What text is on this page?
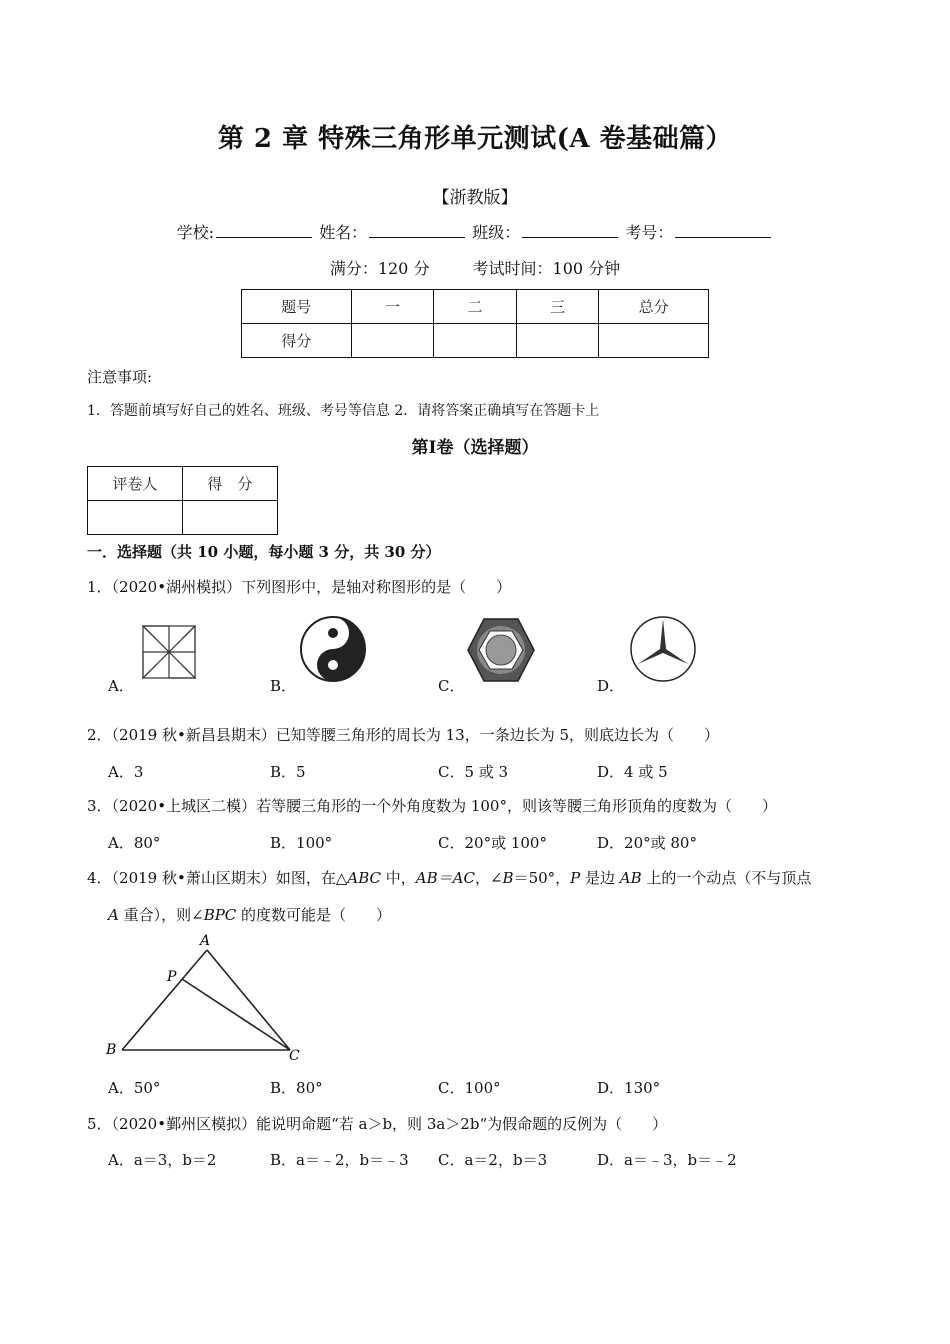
第 2 章 特殊三角形单元测试(A 卷基础篇）
【浙教版】
学校:	姓名：	班级：	考号：
满分：120 分	考试时间：100 分钟
题号	一	二	三	总分
得分				
注意事项:
1．答题前填写好自己的姓名、班级、考号等信息 2．请将答案正确填写在答题卡上
第Ⅰ卷（选择题）
评卷人	得　分

一．选择题（共 10 小题，每小题 3 分，共 30 分）
1．（2020•湖州模拟）下列图形中，是轴对称图形的是（　　）
A．	B．	C．	D．
2．（2019 秋•新昌县期末）已知等腰三角形的周长为 13，一条边长为 5，则底边长为（　　）
A．3	B．5	C．5 或 3	D．4 或 5
3．（2020•上城区二模）若等腰三角形的一个外角度数为 100°，则该等腰三角形顶角的度数为（　　）
A．80°	B．100°	C．20°或 100°	D．20°或 80°
4．（2019 秋•萧山区期末）如图，在△ABC 中，AB＝AC，∠B＝50°，P 是边 AB 上的一个动点（不与顶点
A 重合），则∠BPC 的度数可能是（　　）
A
P
B	C
A．50°	B．80°	C．100°	D．130°
5．（2020•鄞州区模拟）能说明命题“若 a＞b，则 3a＞2b“为假命题的反例为（　　）
A．a＝3，b＝2	B．a＝﹣2，b＝﹣3 C．a＝2，b＝3	D．a＝﹣3，b＝﹣2
